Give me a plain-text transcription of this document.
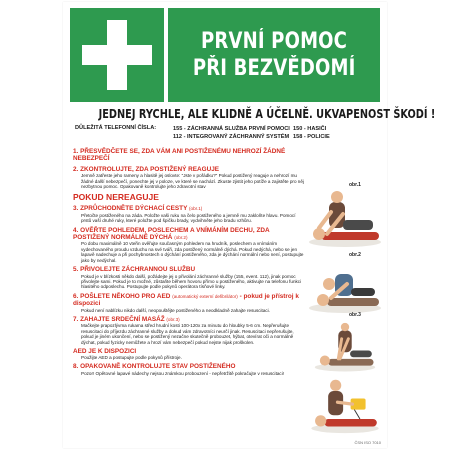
PRVNÍ POMOC
PŘI BEZVĚDOMÍ
JEDNEJ RYCHLE, ALE KLIDNĚ A ÚČELNĚ. UKVAPENOST ŠKODÍ !
DŮLEŽITÁ TELEFONNÍ ČÍSLA:	155 - ZÁCHRANNÁ SLUŽBA PRVNÍ POMOCI
112 - INTEGROVANÝ ZÁCHRANNÝ SYSTÉM
150 - HASIČI
158 - POLICIE
1. PŘESVĚDČETE SE, ZDA VÁM ANI POSTIŽENÉMU NEHROZÍ ŽÁDNÉ NEBEZPEČÍ
2. ZKONTROLUJTE, ZDA POSTIŽENÝ REAGUJE
Jemně zatřeste jeho rameny a hlasitě jej oslovte: "Jste v pořádku?" Pokud postižený reaguje a nehrozí mu žádné další nebezpečí, ponechte jej v poloze, ve které se nachází. Zkuste zjistit jeho potíže a zajistěte pro něj nezbytnou pomoc. Opakovaně kontrolujte jeho zdravotní stav
POKUD NEREAGUJE
3. ZPRŮCHODNĚTE DÝCHACÍ CESTY (obr.1)
Přetočte postiženého na záda. Položte vaši ruku na čelo postiženého a jemně mu zakloňte hlavu. Pomocí prstů vaší druhé ruky, které položte pod špičku brady, vydvihněte jeho bradu vzhůru.
4. OVĚŘTE POHLEDEM, POSLECHEM A VNÍMÁNÍM DECHU, ZDA POSTIŽENÝ NORMÁLNĚ DÝCHÁ (obr.2)
Po dobu maximálně 10 vteřin ověřujte současným pohledem na hrudník, poslechem a vnímáním vydechovaného proudu vzduchu na své tváři, zda postižený normálně dýchá. Pokud nedýchá, nebo se jen lapavě nadechuje a při pochybnostech o dýchání postiženého, zda je dýchání normální nebo není, postupujte jako by nedýchal.
5. PŘIVOLEJTE ZÁCHRANNOU SLUŽBU
Pokud je v blízkosti někdo další, požádejte jej o přivolání záchranné služby (155, event. 112), jinak pomoc přivolejte sami. Pokud je to možné, zůstaňte během hovoru přímo u postiženého, aktivujte na telefonu funkci hlasitého odposlechu. Postupujte podle pokynů operátora tísňové linky.
6. POŠLETE NĚKOHO PRO AED (automatický externí defibrilátor) - pokud je přístroj k dispozici
Pokud není nablízku nikdo další, neopouštějte postiženého a neodkladně zahajte resuscitaci.
7. ZAHAJTE SRDEČNÍ MASÁŽ (obr.3)
Mačkejte prapozlývma rukama střed hrudní kosti 100-120x za minutu do hloubky 5-6 cm. Nepřerušujte resuscitaci do příjezdu záchranné služby a dokud vám zdravotníci neurčí jinak. Resuscitaci nepřerušujte, pokud je jiném ukončení, nebo se postižený nezačne skutečně probouzet, hýbat, otevírat oči a normálně dýchat, pokud fyzicky nemůžete a hrozí vám nebezpečí pokud nejste nijak proškolen.
AED JE K DISPOZICI
Použijte AED a postupujte podle pokynů přístroje.
8. OPAKOVANĚ KONTROLUJTE STAV POSTIŽENÉHO
Pozor! Opětovné lapavé nádechy nejsou známkou probouzení - nepřetržitě pokračujte v resuscitaci!
obr.1
obr.2
obr.3
ČSN ISO 7010
